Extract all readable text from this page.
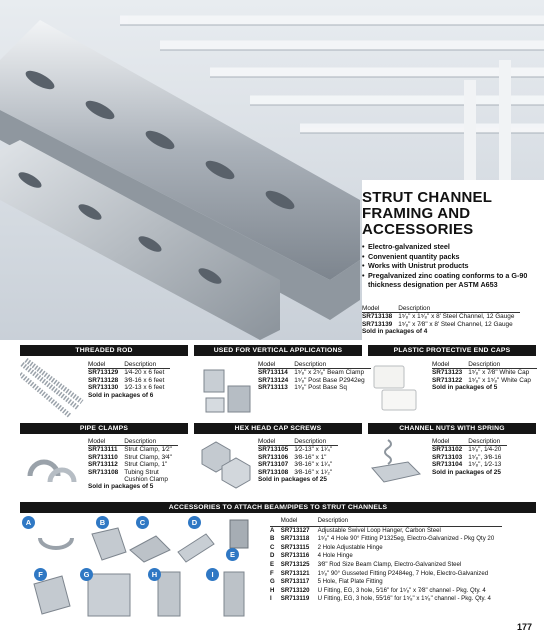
STRUT CHANNEL
FRAMING AND
ACCESSORIES
• Electro-galvanized steel
• Convenient quantity packs
• Works with Unistrut products
• Pregalvanized zinc coating conforms to a G-90 thickness designation per ASTM A653
Model	Description
SR713138	1⁵⁄₈" x 1⁵⁄₈" x 8' Steel Channel, 12 Gauge
SR713139	1⁵⁄₈" x 7⁄8" x 8' Steel Channel, 12 Gauge
Sold in packages of 4
THREADED ROD	USED FOR VERTICAL APPLICATIONS	PLASTIC PROTECTIVE END CAPS
Model	Description
SR713129	1⁄4-20 x 6 feet
SR713128	3⁄8-16 x 6 feet
SR713130	1⁄2-13 x 6 feet
Sold in packages of 6
Model	Description
SR713114	1⁵⁄₈" x 2⁵⁄₈" Beam Clamp
SR713124	1⁵⁄₈" Post Base P2942eg
SR713113	1⁵⁄₈" Post Base Sq
Model	Description
SR713123	1⁵⁄₈" x 7⁄8" White Cap
SR713122	1⁵⁄₈" x 1⁵⁄₈" White Cap
Sold in packages of 5
PIPE CLAMPS	HEX HEAD CAP SCREWS	CHANNEL NUTS WITH SPRING
Model	Description
SR713111	Strut Clamp, 1⁄2"
SR713110	Strut Clamp, 3⁄4"
SR713112	Strut Clamp, 1"
SR713108	Tubing Strut
	Cushion Clamp
Sold in packages of 5
Model	Description
SR713105	1⁄2-13" x 1¹⁄₄"
SR713106	3⁄8-16" x 1"
SR713107	3⁄8-16" x 1¹⁄₄"
SR713108	3⁄8-16" x 1¹⁄₂"
Sold in packages of 25
Model	Description
SR713102	1⁵⁄₈", 1⁄4-20
SR713103	1⁵⁄₈", 3⁄8-16
SR713104	1⁵⁄₈", 1⁄2-13
Sold in packages of 25
ACCESSORIES TO ATTACH BEAM/PIPES TO STRUT CHANNELS
A	B	C	D
E
F	G	H	I
	Model	Description
A	SR713127	Adjustable Swivel Loop Hanger, Carbon Steel
B	SR713118	1⁵⁄₈" 4 Hole 90° Fitting P1325eg, Electro-Galvanized - Pkg Qty 20
C	SR713115	2 Hole Adjustable Hinge
D	SR713116	4 Hole Hinge
E	SR713125	3⁄8" Rod Size Beam Clamp, Electro-Galvanized Steel
F	SR713121	1⁵⁄₈" 90° Gusseted Fitting P2484eg, 7 Hole, Electro-Galvanized
G	SR713117	5 Hole, Flat Plate Fitting
H	SR713120	U Fitting, EG, 3 hole, 5⁄16" for 1⁵⁄₈" x 7⁄8" channel - Pkg. Qty. 4
I	SR713119	U Fitting, EG, 3 hole, 55⁄16" for 1⁵⁄₈" x 1⁵⁄₈" channel - Pkg. Qty. 4
177
